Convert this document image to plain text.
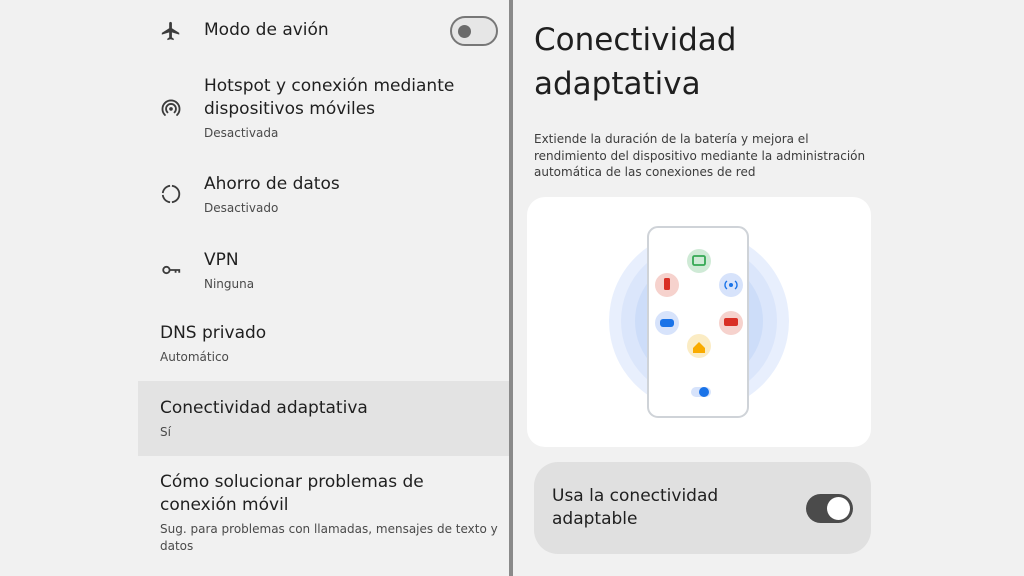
Modo de avión
Hotspot y conexión mediante dispositivos móviles
Desactivada
Ahorro de datos
Desactivado
VPN
Ninguna
DNS privado
Automático
Conectividad adaptativa
Sí
Cómo solucionar problemas de conexión móvil
Sug. para problemas con llamadas, mensajes de texto y datos
Conectividad adaptativa
Extiende la duración de la batería y mejora el rendimiento del dispositivo mediante la administración automática de las conexiones de red
Usa la conectividad adaptable
